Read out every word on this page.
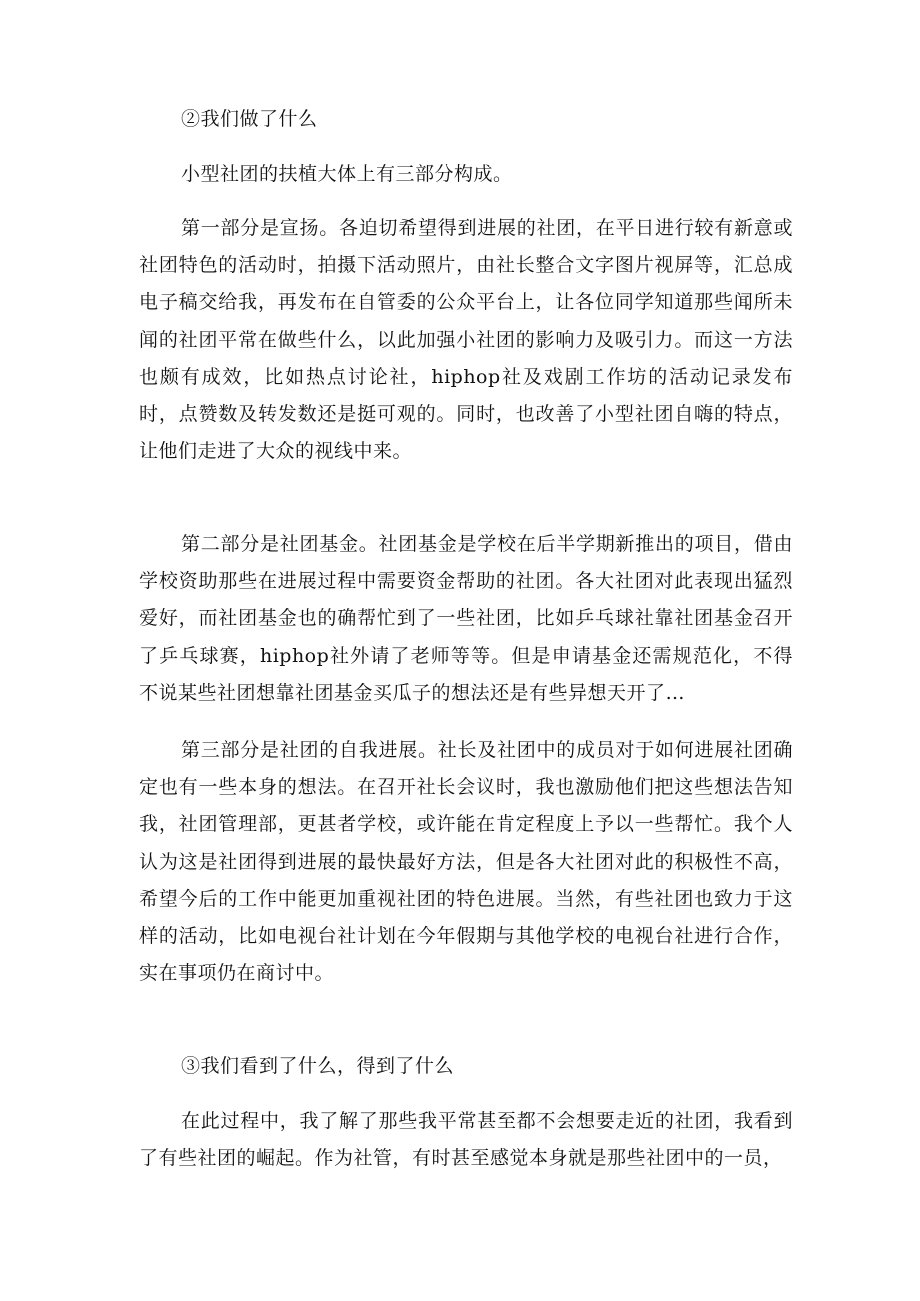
②我们做了什么

小型社团的扶植大体上有三部分构成。

第一部分是宣扬。各迫切希望得到进展的社团，在平日进行较有新意或社团特色的活动时，拍摄下活动照片，由社长整合文字图片视屏等，汇总成电子稿交给我，再发布在自管委的公众平台上，让各位同学知道那些闻所未闻的社团平常在做些什么，以此加强小社团的影响力及吸引力。而这一方法也颇有成效，比如热点讨论社，hiphop社及戏剧工作坊的活动记录发布时，点赞数及转发数还是挺可观的。同时，也改善了小型社团自嗨的特点，让他们走进了大众的视线中来。

第二部分是社团基金。社团基金是学校在后半学期新推出的项目，借由学校资助那些在进展过程中需要资金帮助的社团。各大社团对此表现出猛烈爱好，而社团基金也的确帮忙到了一些社团，比如乒乓球社靠社团基金召开了乒乓球赛，hiphop社外请了老师等等。但是申请基金还需规范化，不得不说某些社团想靠社团基金买瓜子的想法还是有些异想天开了…

第三部分是社团的自我进展。社长及社团中的成员对于如何进展社团确定也有一些本身的想法。在召开社长会议时，我也激励他们把这些想法告知我，社团管理部，更甚者学校，或许能在肯定程度上予以一些帮忙。我个人认为这是社团得到进展的最快最好方法，但是各大社团对此的积极性不高，希望今后的工作中能更加重视社团的特色进展。当然，有些社团也致力于这样的活动，比如电视台社计划在今年假期与其他学校的电视台社进行合作，实在事项仍在商讨中。

③我们看到了什么，得到了什么

在此过程中，我了解了那些我平常甚至都不会想要走近的社团，我看到了有些社团的崛起。作为社管，有时甚至感觉本身就是那些社团中的一员，
